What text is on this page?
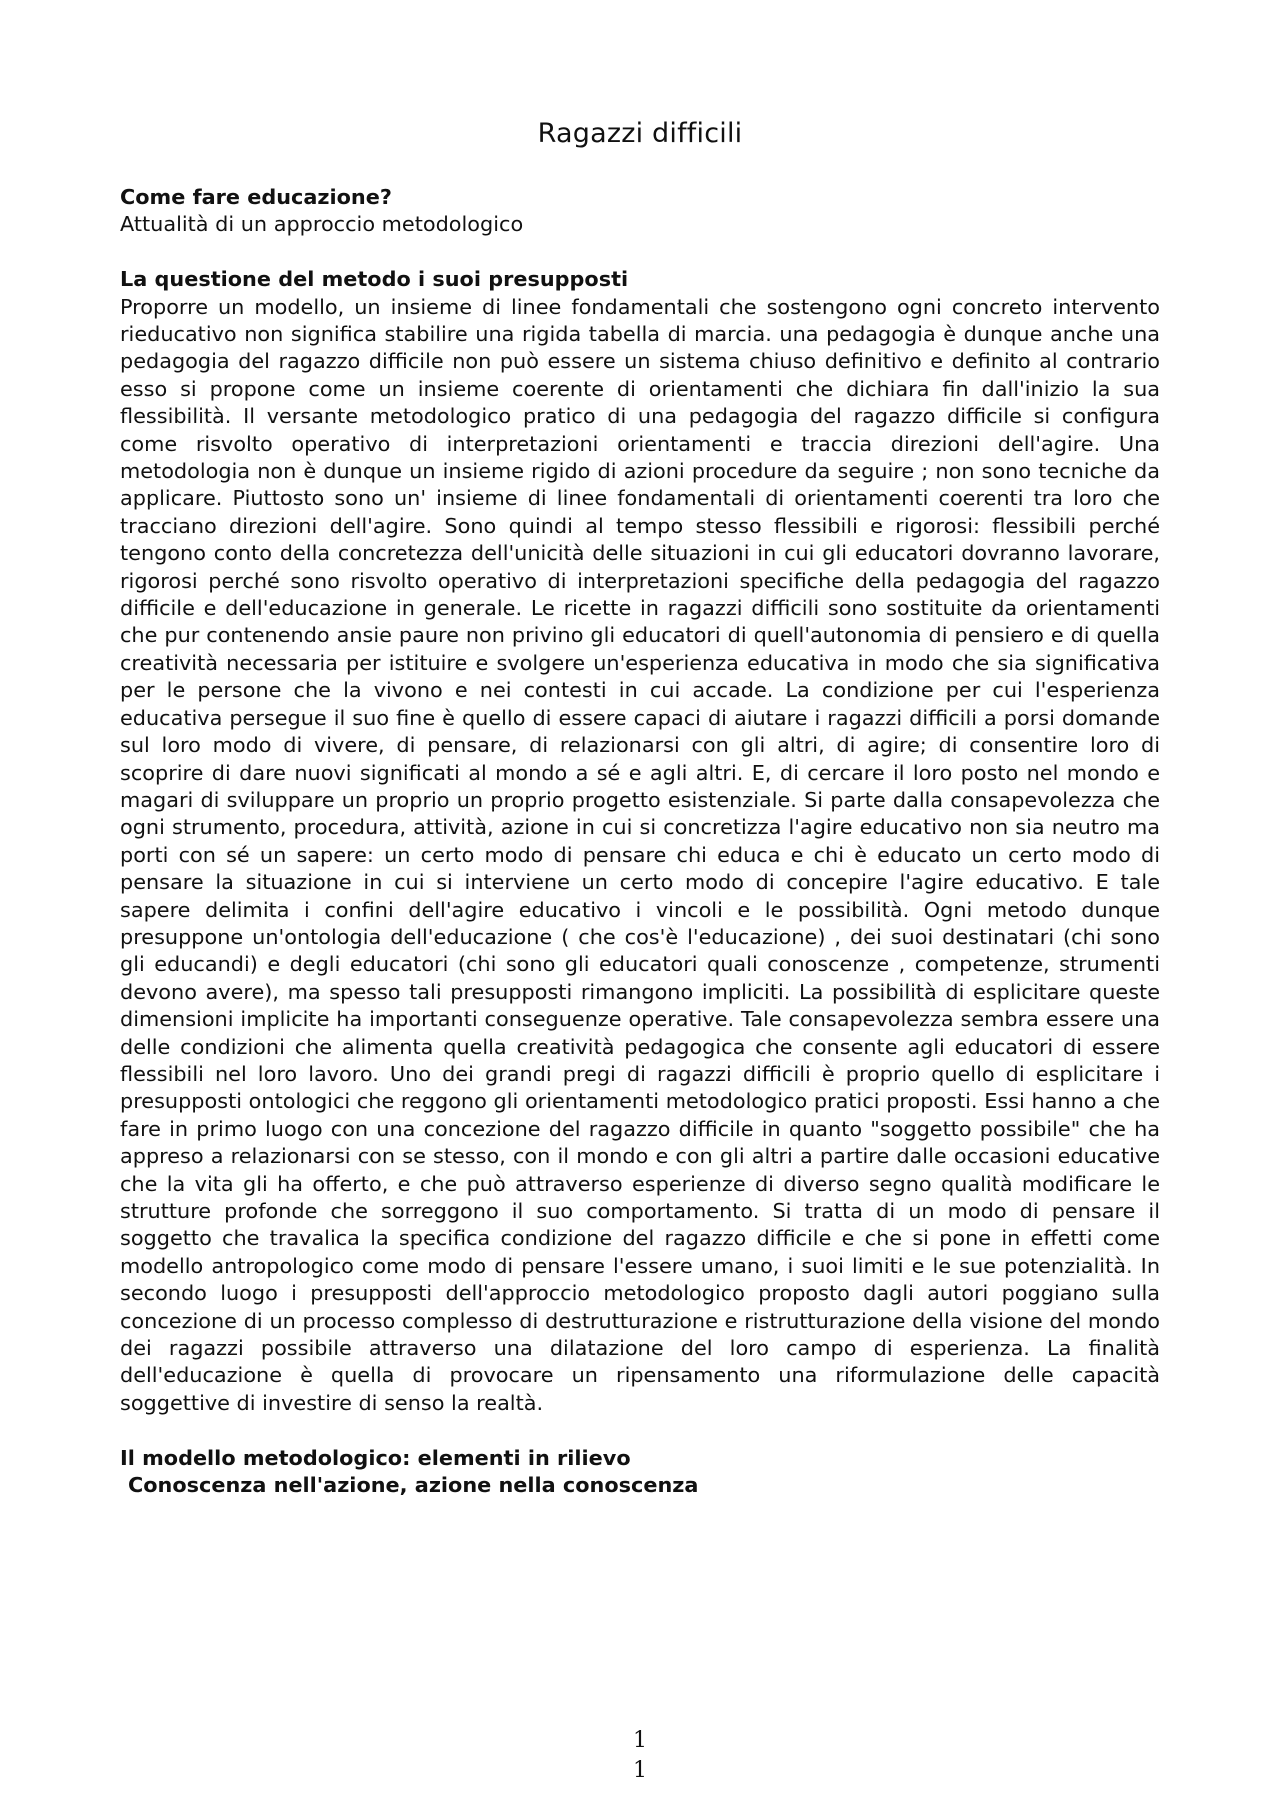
Ragazzi difficili

Come fare educazione?

Attualità di un approccio metodologico

La questione del metodo i suoi presupposti

Proporre un modello, un insieme di linee fondamentali che sostengono ogni concreto intervento rieducativo non significa stabilire una rigida tabella di marcia. una pedagogia è dunque anche una pedagogia del ragazzo difficile non può essere un sistema chiuso definitivo e definito al contrario esso si propone come un insieme coerente di orientamenti che dichiara fin dall'inizio la sua flessibilità. Il versante metodologico pratico di una pedagogia del ragazzo difficile si configura come risvolto operativo di interpretazioni orientamenti e traccia direzioni dell'agire. Una metodologia non è dunque un insieme rigido di azioni procedure da seguire ; non sono tecniche da applicare. Piuttosto sono un' insieme di linee fondamentali di orientamenti coerenti tra loro che tracciano direzioni dell'agire. Sono quindi al tempo stesso flessibili e rigorosi: flessibili perché tengono conto della concretezza dell'unicità delle situazioni in cui gli educatori dovranno lavorare, rigorosi perché sono risvolto operativo di interpretazioni specifiche della pedagogia del ragazzo difficile e dell'educazione in generale. Le ricette in ragazzi difficili sono sostituite da orientamenti che pur contenendo ansie paure non privino gli educatori di quell'autonomia di pensiero e di quella creatività necessaria per istituire e svolgere un'esperienza educativa in modo che sia significativa per le persone che la vivono e nei contesti in cui accade. La condizione per cui l'esperienza educativa persegue il suo fine è quello di essere capaci di aiutare i ragazzi difficili a porsi domande sul loro modo di vivere, di pensare, di relazionarsi con gli altri, di agire; di consentire loro di scoprire di dare nuovi significati al mondo a sé e agli altri. E, di cercare il loro posto nel mondo e magari di sviluppare un proprio un proprio progetto esistenziale. Si parte dalla consapevolezza che ogni strumento, procedura, attività, azione in cui si concretizza l'agire educativo non sia neutro ma porti con sé un sapere: un certo modo di pensare chi educa e chi è educato un certo modo di pensare la situazione in cui si interviene un certo modo di concepire l'agire educativo. E tale sapere delimita i confini dell'agire educativo i vincoli e le possibilità. Ogni metodo dunque presuppone un'ontologia dell'educazione ( che cos'è l'educazione) , dei suoi destinatari (chi sono gli educandi) e degli educatori (chi sono gli educatori quali conoscenze , competenze, strumenti devono avere), ma spesso tali presupposti rimangono impliciti. La possibilità di esplicitare queste dimensioni implicite ha importanti conseguenze operative. Tale consapevolezza sembra essere una delle condizioni che alimenta quella creatività pedagogica che consente agli educatori di essere flessibili nel loro lavoro. Uno dei grandi pregi di ragazzi difficili è proprio quello di esplicitare i presupposti ontologici che reggono gli orientamenti metodologico pratici proposti. Essi hanno a che fare in primo luogo con una concezione del ragazzo difficile in quanto "soggetto possibile" che ha appreso a relazionarsi con se stesso, con il mondo e con gli altri a partire dalle occasioni educative che la vita gli ha offerto, e che può attraverso esperienze di diverso segno qualità modificare le strutture profonde che sorreggono il suo comportamento. Si tratta di un modo di pensare il soggetto che travalica la specifica condizione del ragazzo difficile e che si pone in effetti come modello antropologico come modo di pensare l'essere umano, i suoi limiti e le sue potenzialità. In secondo luogo i presupposti dell'approccio metodologico proposto dagli autori poggiano sulla concezione di un processo complesso di destrutturazione e ristrutturazione della visione del mondo dei ragazzi possibile attraverso una dilatazione del loro campo di esperienza. La finalità dell'educazione è quella di provocare un ripensamento una riformulazione delle capacità soggettive di investire di senso la realtà.

Il modello metodologico: elementi in rilievo

Conoscenza nell'azione, azione nella conoscenza

1
1
